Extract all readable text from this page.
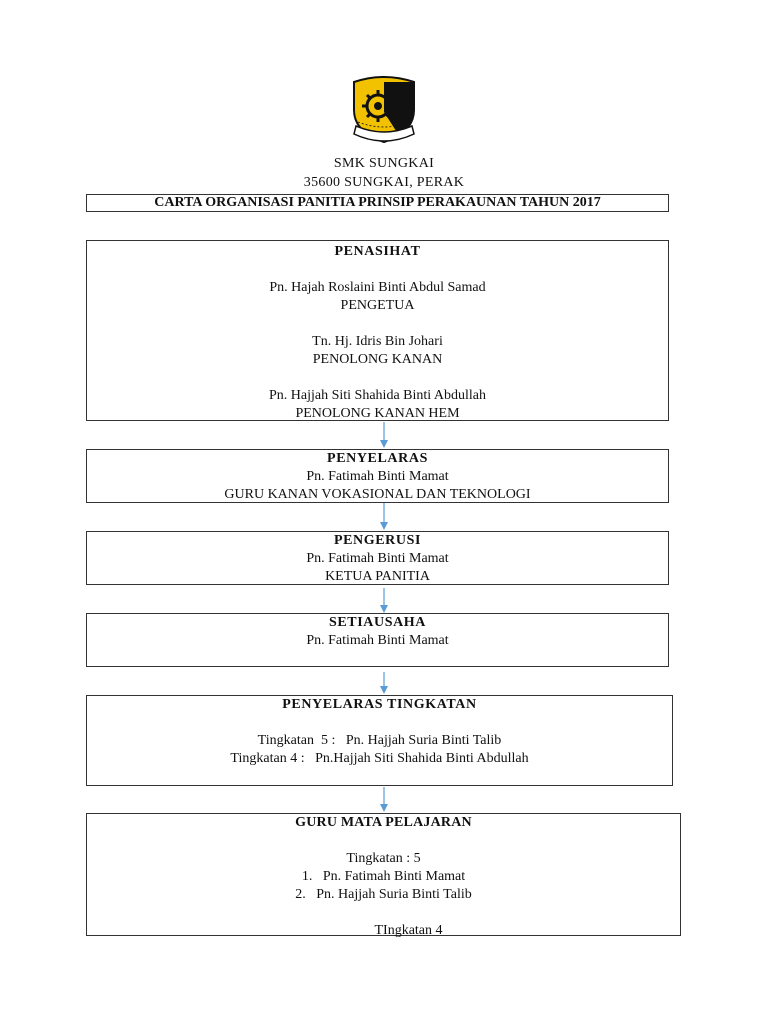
SMK SUNGKAI
35600 SUNGKAI, PERAK
CARTA ORGANISASI PANITIA PRINSIP PERAKAUNAN TAHUN 2017
PENASIHAT
Pn. Hajah Roslaini Binti Abdul Samad
PENGETUA
Tn. Hj. Idris Bin Johari
PENOLONG KANAN
Pn. Hajjah Siti Shahida Binti Abdullah
PENOLONG KANAN HEM
PENYELARAS
Pn. Fatimah Binti Mamat
GURU KANAN VOKASIONAL DAN TEKNOLOGI
PENGERUSI
Pn. Fatimah Binti Mamat
KETUA PANITIA
SETIAUSAHA
Pn. Fatimah Binti Mamat
PENYELARAS TINGKATAN
Tingkatan  5 :   Pn. Hajjah Suria Binti Talib
Tingkatan 4 :   Pn.Hajjah Siti Shahida Binti Abdullah
GURU MATA PELAJARAN
Tingkatan : 5
1. Pn. Fatimah Binti Mamat
2. Pn. Hajjah Suria Binti Talib
TIngkatan 4
